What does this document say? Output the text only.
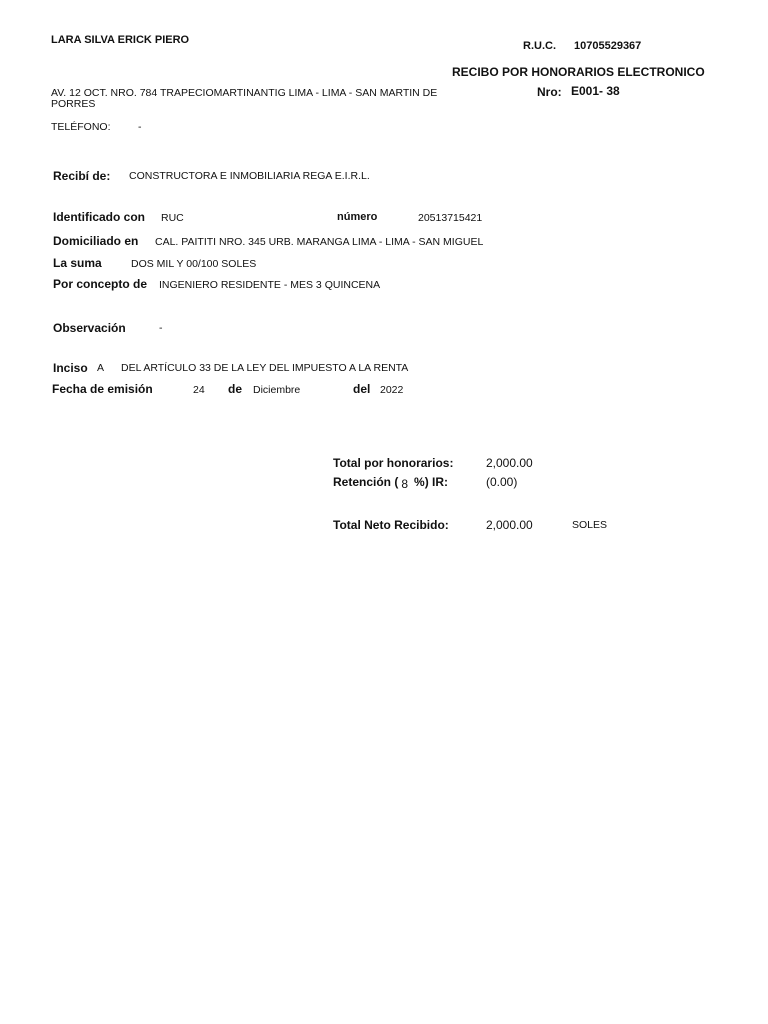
LARA SILVA ERICK PIERO
AV. 12 OCT. NRO. 784 TRAPECIOMARTINANTIG LIMA - LIMA - SAN MARTIN DE PORRES
TELÉFONO:	-
R.U.C. 10705529367
RECIBO POR HONORARIOS ELECTRONICO
Nro: E001- 38
Recibí de: CONSTRUCTORA E INMOBILIARIA REGA E.I.R.L.
Identificado con RUC	número	20513715421
Domiciliado en CAL. PAITITI NRO. 345 URB. MARANGA LIMA - LIMA - SAN MIGUEL
La suma	DOS MIL Y 00/100 SOLES
Por concepto de INGENIERO RESIDENTE - MES 3 QUINCENA
Observación	-
Inciso A DEL ARTÍCULO 33 DE LA LEY DEL IMPUESTO A LA RENTA
Fecha de emisión	24 de Diciembre	del 2022
Total por honorarios:	2,000.00
Retención ( 8 %) IR:	(0.00)
Total Neto Recibido:	2,000.00	SOLES
